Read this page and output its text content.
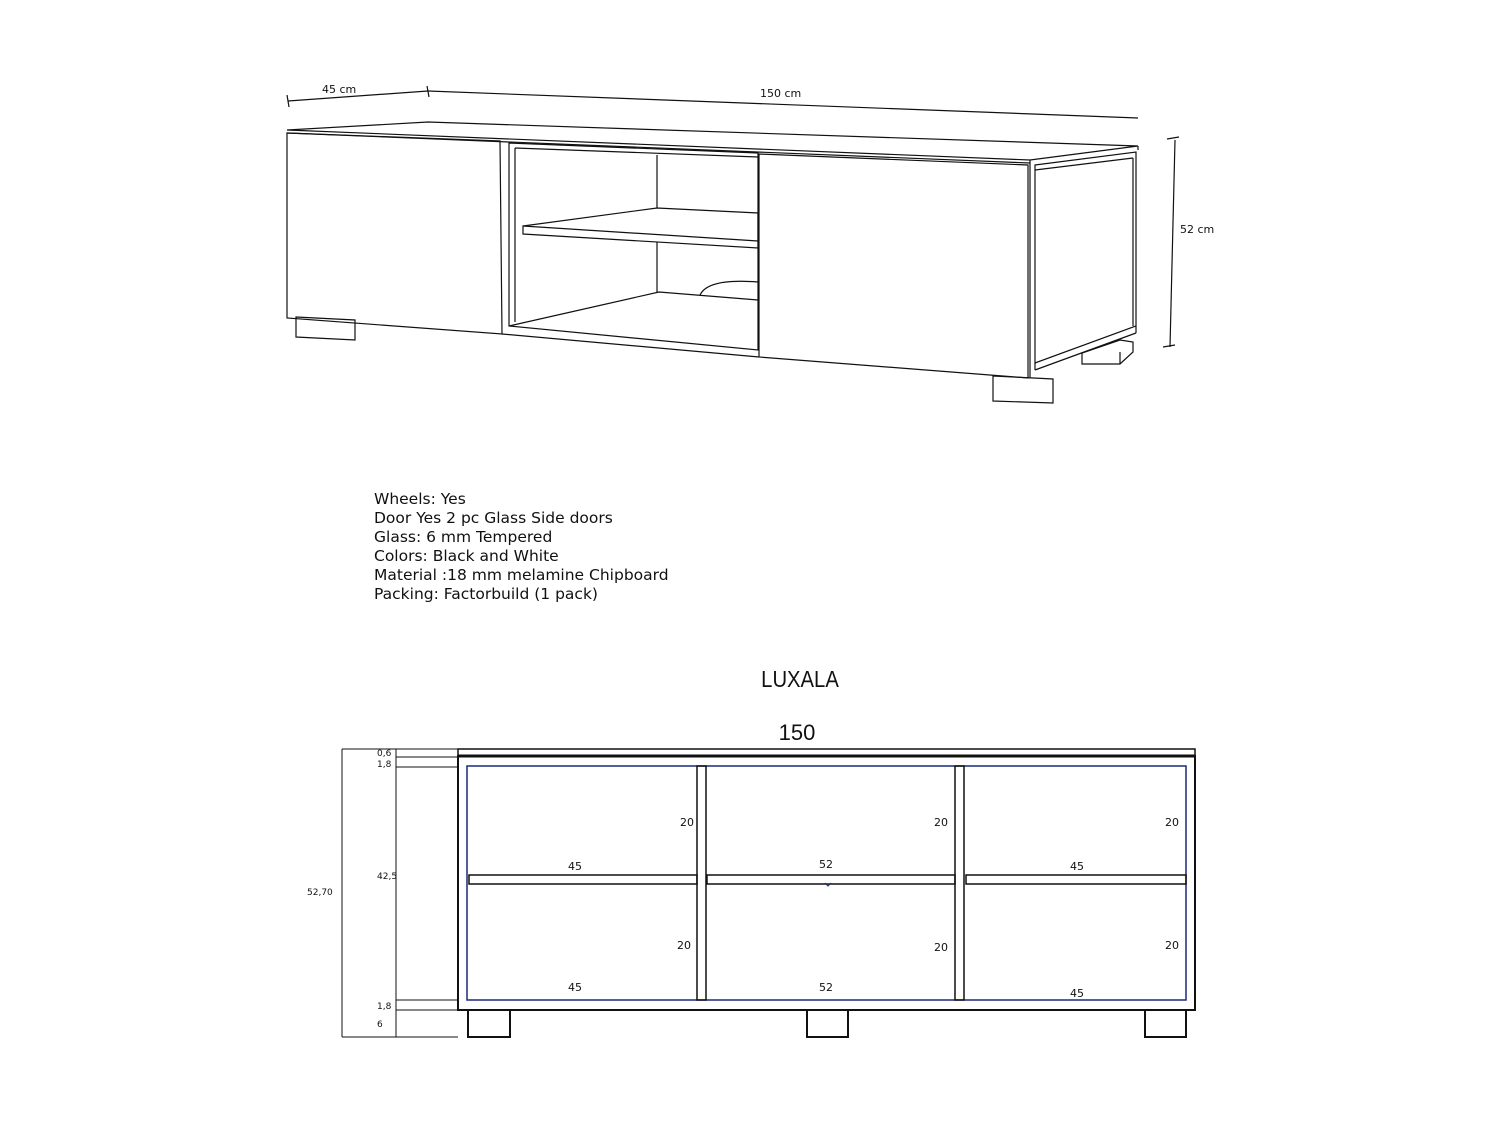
45 cm	150 cm
52 cm
Wheels: Yes
Door Yes 2 pc Glass Side doors
Glass: 6 mm Tempered
Colors: Black and White
Material :18 mm melamine Chipboard
Packing: Factorbuild (1 pack)
LUXALA
150
0,6
1,8
42,5
52,70
1,8
6
20
45
20
52
20
45
20
45
20
52
20
45
